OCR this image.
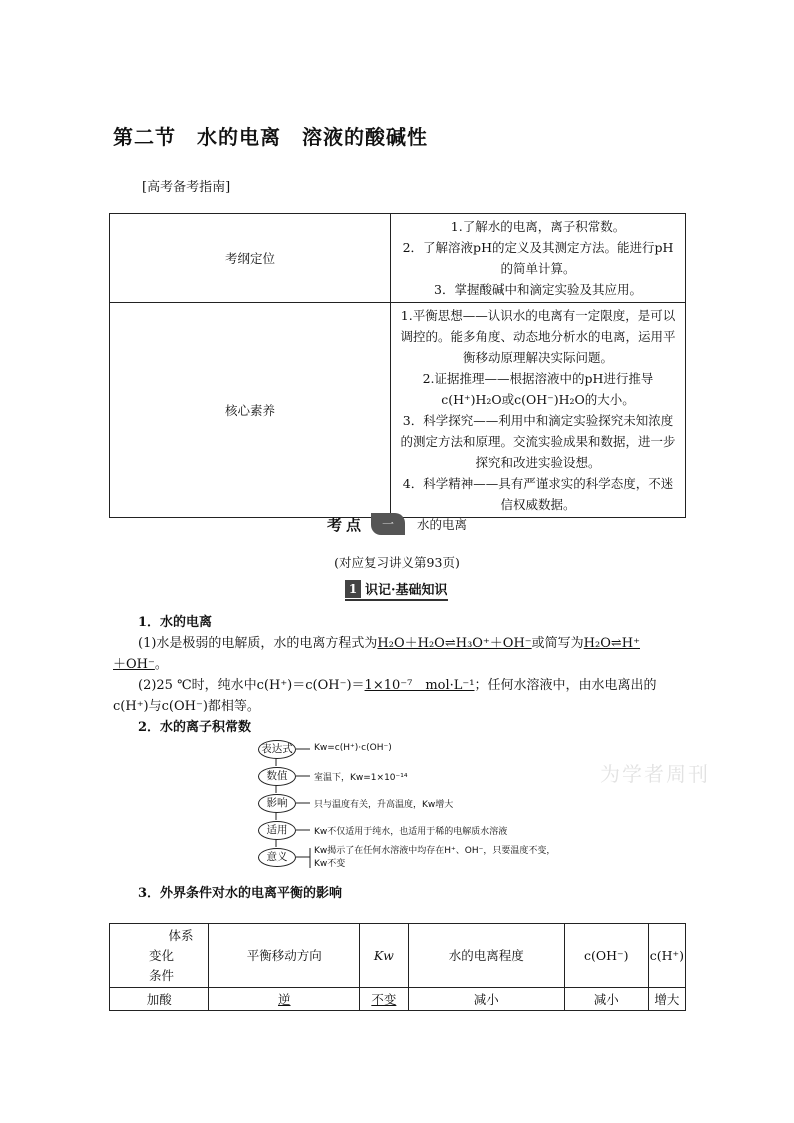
第二节　水的电离　溶液的酸碱性
[高考备考指南]
考纲定位	1.了解水的电离，离子积常数。
2．了解溶液pH的定义及其测定方法。能进行pH的简单计算。
3．掌握酸碱中和滴定实验及其应用。

核心素养	1.平衡思想——认识水的电离有一定限度，是可以调控的。能多角度、动态地分析水的电离，运用平衡移动原理解决实际问题。
2.证据推理——根据溶液中的pH进行推导c(H⁺)H₂O或c(OH⁻)H₂O的大小。
3．科学探究——利用中和滴定实验探究未知浓度的测定方法和原理。交流实验成果和数据，进一步探究和改进实验设想。
4．科学精神——具有严谨求实的科学态度，不迷信权威数据。
考点	一	水的电离
(对应复习讲义第93页)
1 识记·基础知识
1．水的电离
(1)水是极弱的电解质，水的电离方程式为H₂O＋H₂O⇌H₃O⁺＋OH⁻或简写为H₂O⇌H⁺
＋OH⁻。
(2)25 ℃时，纯水中c(H⁺)＝c(OH⁻)＝1×10⁻⁷　mol·L⁻¹；任何水溶液中，由水电离出的
c(H⁺)与c(OH⁻)都相等。
2．水的离子积常数
表达式	Kw=c(H⁺)·c(OH⁻)
数值	室温下，Kw=1×10⁻¹⁴
影响	只与温度有关，升高温度，Kw增大
适用	Kw不仅适用于纯水，也适用于稀的电解质水溶液
意义	Kw揭示了在任何水溶液中均存在H⁺、OH⁻，只要温度不变，Kw不变
为学者周刊
3．外界条件对水的电离平衡的影响
体系
变化
条件	平衡移动方向	Kw	水的电离程度	c(OH⁻)	c(H⁺)
加酸	逆	不变	减小	减小	增大
